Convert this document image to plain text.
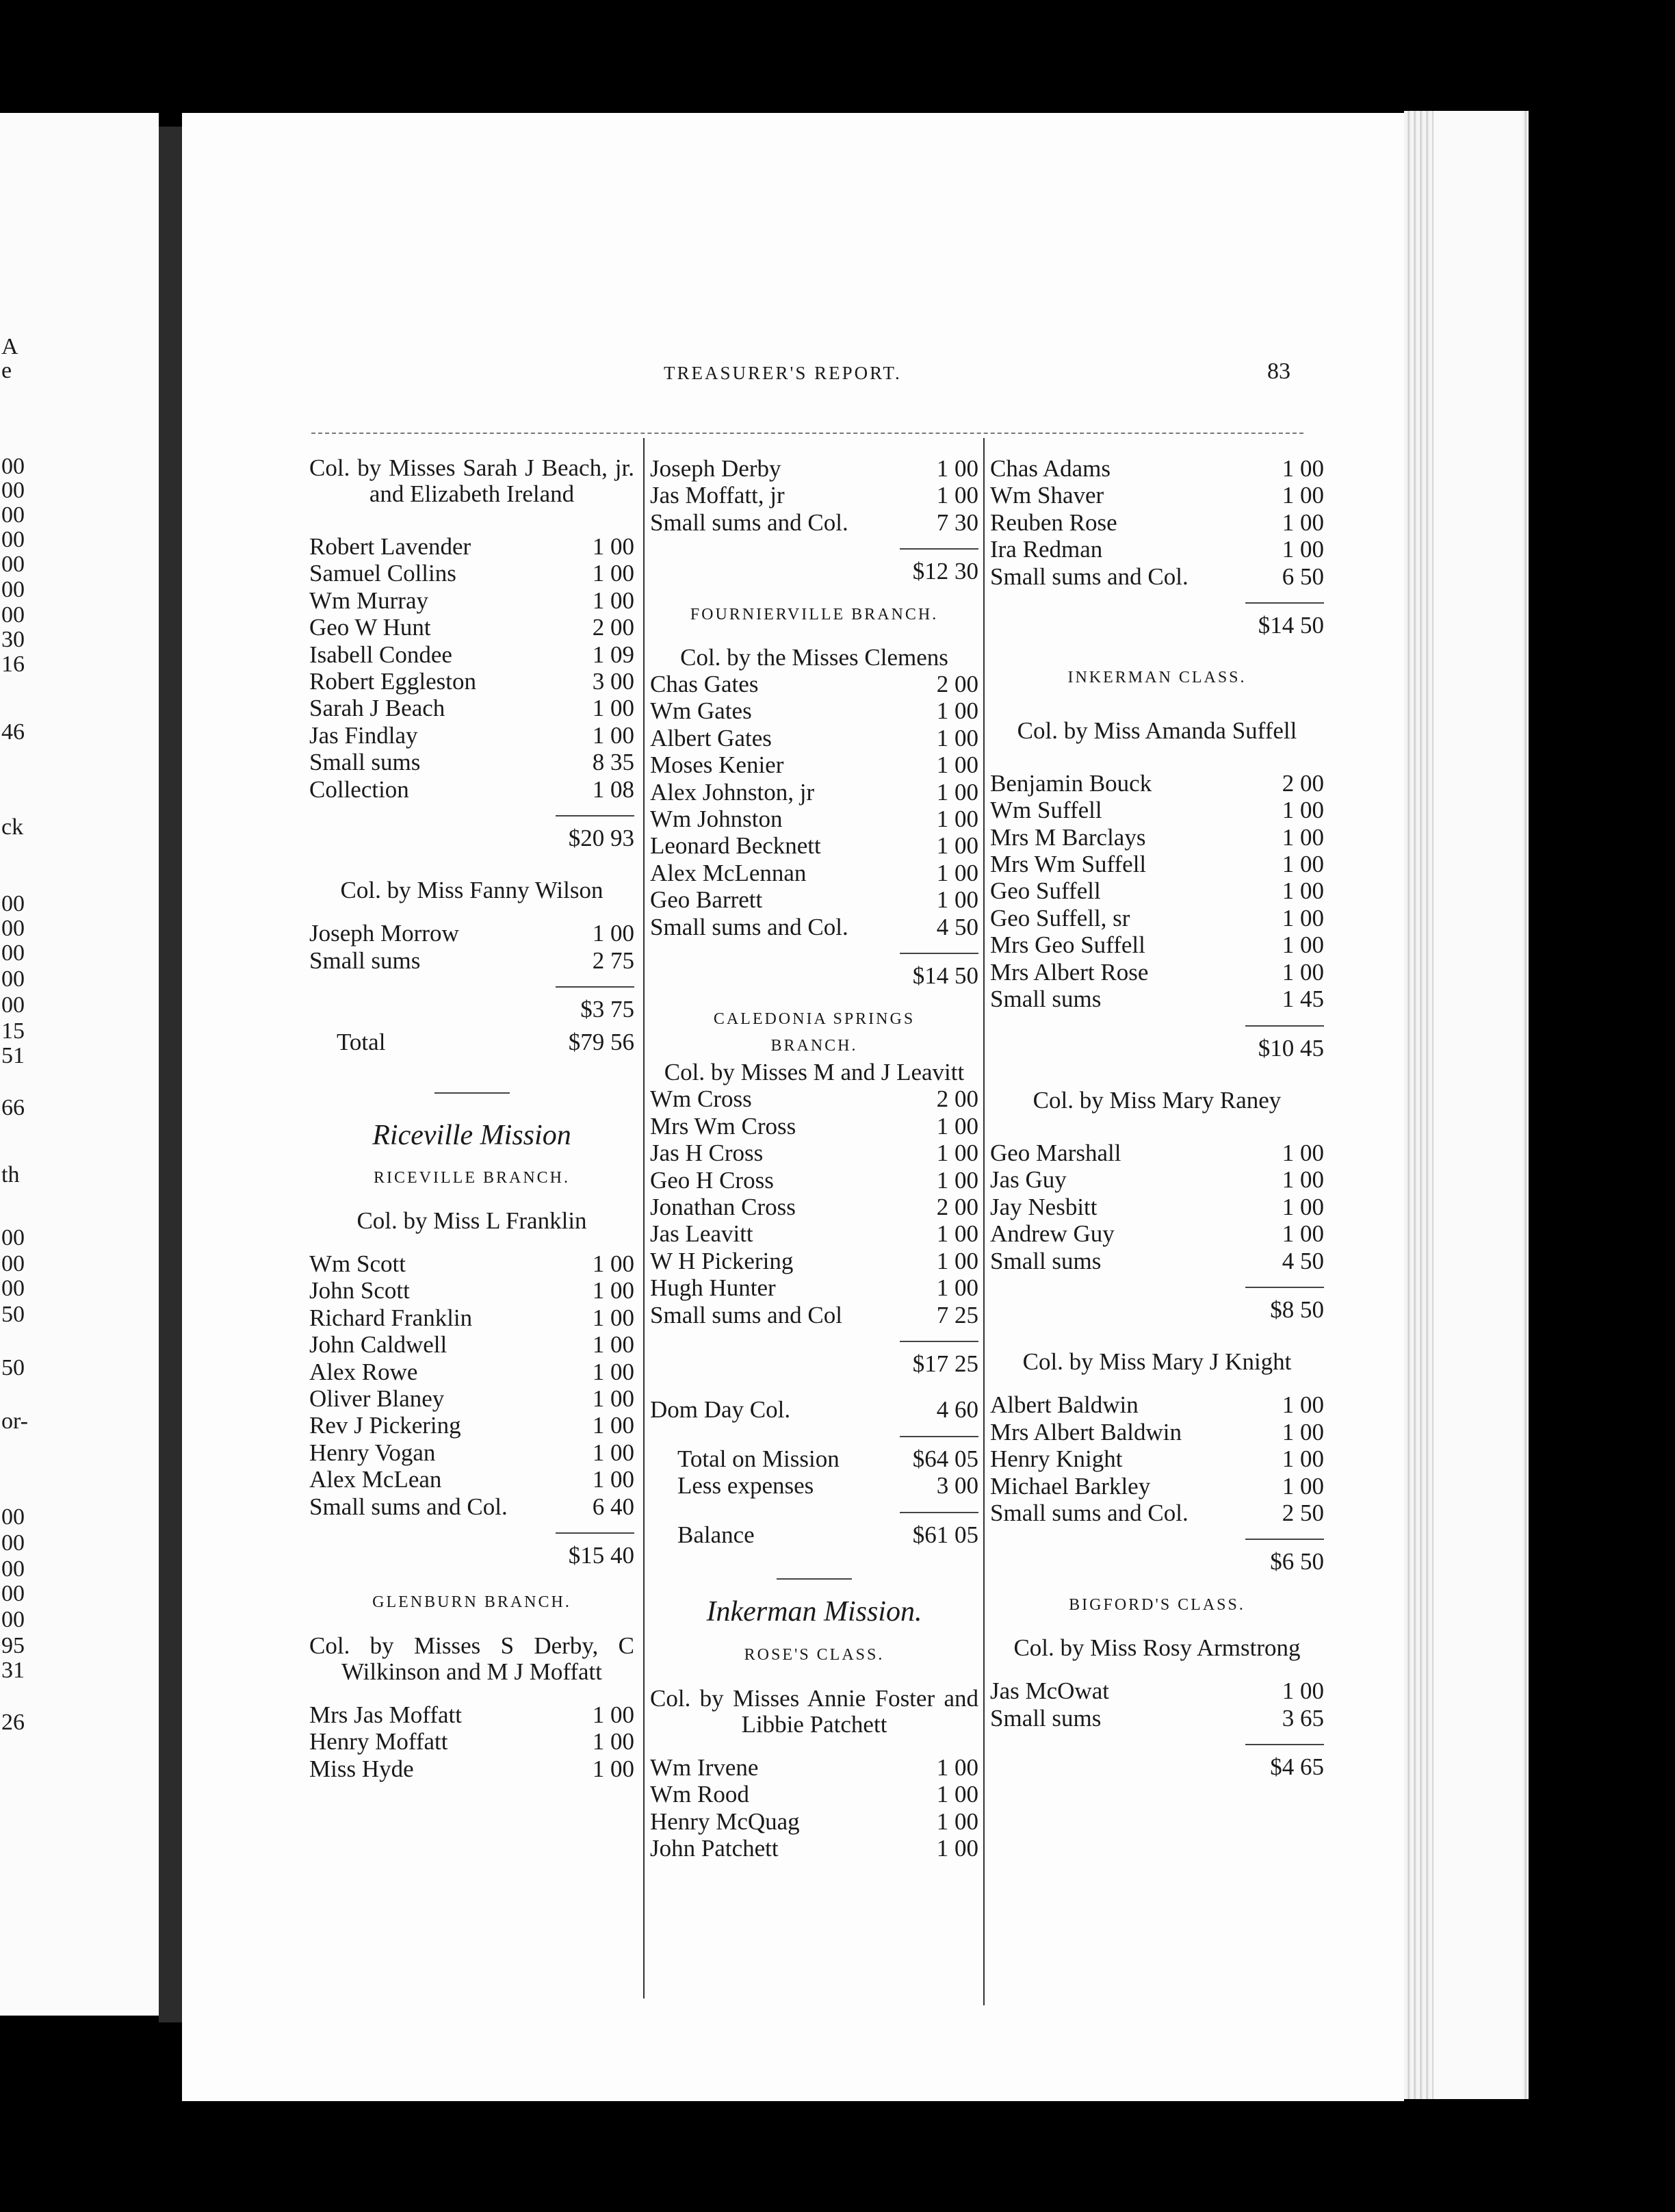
A
e
00
00
00
00
00
00
00
30
16
46
ck
00
00
00
00
00
15
51
66
th
00
00
00
50
50
or-
00
00
00
00
00
95
31
26
TREASURER'S REPORT.	83
Col. by Misses Sarah J Beach, jr. and Elizabeth Ireland
Robert Lavender	1 00
Samuel Collins	1 00
Wm Murray	1 00
Geo W Hunt	2 00
Isabell Condee	1 09
Robert Eggleston	3 00
Sarah J Beach	1 00
Jas Findlay	1 00
Small sums	8 35
Collection	1 08
$20 93
Col. by Miss Fanny Wilson
Joseph Morrow	1 00
Small sums	2 75
$3 75
Total	$79 56
Riceville Mission
RICEVILLE BRANCH.
Col. by Miss L Franklin
Wm Scott	1 00
John Scott	1 00
Richard Franklin	1 00
John Caldwell	1 00
Alex Rowe	1 00
Oliver Blaney	1 00
Rev J Pickering	1 00
Henry Vogan	1 00
Alex McLean	1 00
Small sums and Col.	6 40
$15 40
GLENBURN BRANCH.
Col. by Misses S Derby, C Wilkinson and M J Moffatt
Mrs Jas Moffatt	1 00
Henry Moffatt	1 00
Miss Hyde	1 00
Joseph Derby	1 00
Jas Moffatt, jr	1 00
Small sums and Col.	7 30
$12 30
FOURNIERVILLE BRANCH.
Col. by the Misses Clemens
Chas Gates	2 00
Wm Gates	1 00
Albert Gates	1 00
Moses Kenier	1 00
Alex Johnston, jr	1 00
Wm Johnston	1 00
Leonard Becknett	1 00
Alex McLennan	1 00
Geo Barrett	1 00
Small sums and Col.	4 50
$14 50
CALEDONIA SPRINGS
BRANCH.
Col. by Misses M and J Leavitt
Wm Cross	2 00
Mrs Wm Cross	1 00
Jas H Cross	1 00
Geo H Cross	1 00
Jonathan Cross	2 00
Jas Leavitt	1 00
W H Pickering	1 00
Hugh Hunter	1 00
Small sums and Col	7 25
$17 25
Dom Day Col.	4 60
Total on Mission	$64 05
Less expenses	3 00
Balance	$61 05
Inkerman Mission.
ROSE'S CLASS.
Col. by Misses Annie Foster and Libbie Patchett
Wm Irvene	1 00
Wm Rood	1 00
Henry McQuag	1 00
John Patchett	1 00
Chas Adams	1 00
Wm Shaver	1 00
Reuben Rose	1 00
Ira Redman	1 00
Small sums and Col.	6 50
$14 50
INKERMAN CLASS.
Col. by Miss Amanda Suffell
Benjamin Bouck	2 00
Wm Suffell	1 00
Mrs M Barclays	1 00
Mrs Wm Suffell	1 00
Geo Suffell	1 00
Geo Suffell, sr	1 00
Mrs Geo Suffell	1 00
Mrs Albert Rose	1 00
Small sums	1 45
$10 45
Col. by Miss Mary Raney
Geo Marshall	1 00
Jas Guy	1 00
Jay Nesbitt	1 00
Andrew Guy	1 00
Small sums	4 50
$8 50
Col. by Miss Mary J Knight
Albert Baldwin	1 00
Mrs Albert Baldwin	1 00
Henry Knight	1 00
Michael Barkley	1 00
Small sums and Col.	2 50
$6 50
BIGFORD'S CLASS.
Col. by Miss Rosy Armstrong
Jas McOwat	1 00
Small sums	3 65
$4 65
